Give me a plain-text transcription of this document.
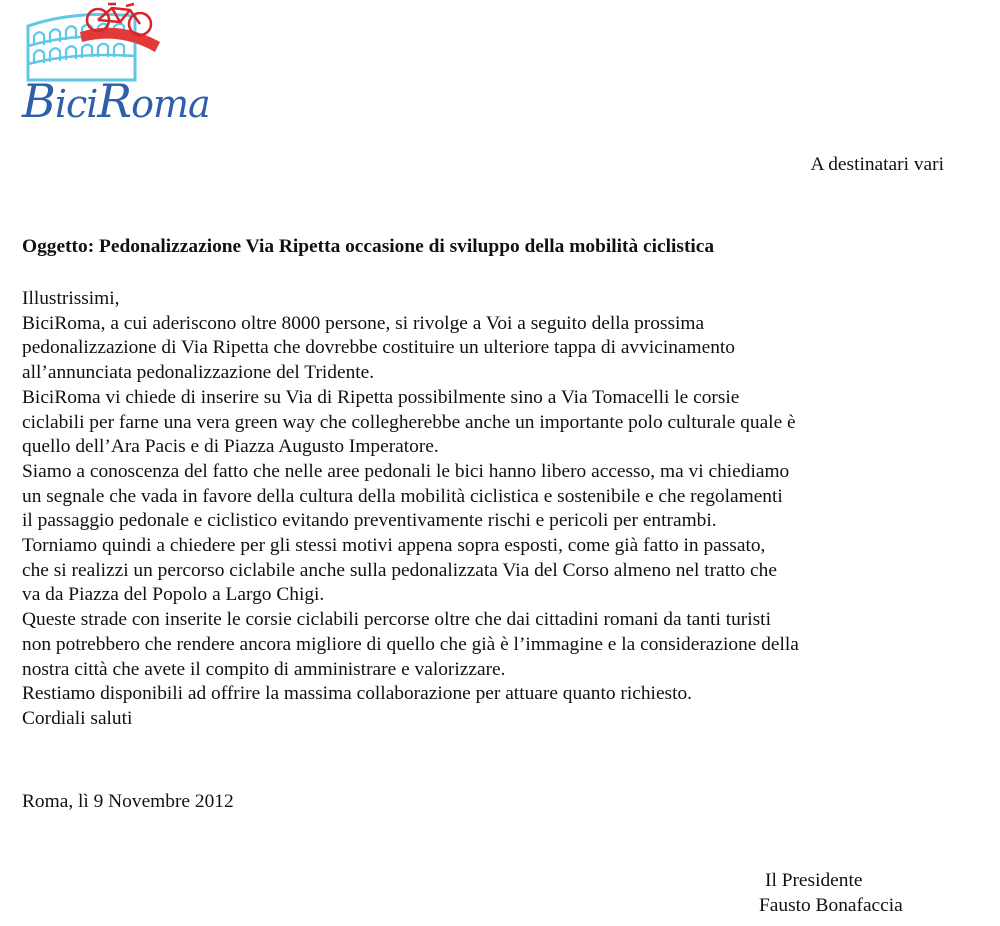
BiciRoma

A destinatari vari

Oggetto: Pedonalizzazione Via Ripetta occasione di sviluppo della mobilità ciclistica

Illustrissimi,
BiciRoma, a cui aderiscono oltre 8000 persone, si rivolge a Voi a seguito della prossima
pedonalizzazione di Via Ripetta che dovrebbe costituire un ulteriore tappa di avvicinamento
all’annunciata pedonalizzazione del Tridente.
BiciRoma vi chiede di inserire su Via di Ripetta possibilmente sino a Via Tomacelli le corsie
ciclabili per farne una vera green way che collegherebbe anche un importante polo culturale quale è
quello dell’Ara Pacis e di Piazza Augusto Imperatore.
Siamo a conoscenza del fatto che nelle aree pedonali le bici hanno libero accesso, ma vi chiediamo
un segnale che vada in favore della cultura della mobilità ciclistica e sostenibile e che regolamenti
il passaggio pedonale e ciclistico evitando preventivamente rischi e pericoli per entrambi.
Torniamo quindi a chiedere per gli stessi motivi appena sopra esposti, come già fatto in passato,
che si realizzi un percorso ciclabile anche sulla pedonalizzata Via del Corso almeno nel tratto che
va da Piazza del Popolo a Largo Chigi.
Queste strade con inserite le corsie ciclabili percorse oltre che dai cittadini romani da tanti turisti
non potrebbero che rendere ancora migliore di quello che già è l’immagine e la considerazione della
nostra città che avete il compito di amministrare e valorizzare.
Restiamo disponibili ad offrire la massima collaborazione per attuare quanto richiesto.
Cordiali saluti

Roma, lì 9 Novembre 2012

Il Presidente

Fausto Bonafaccia
